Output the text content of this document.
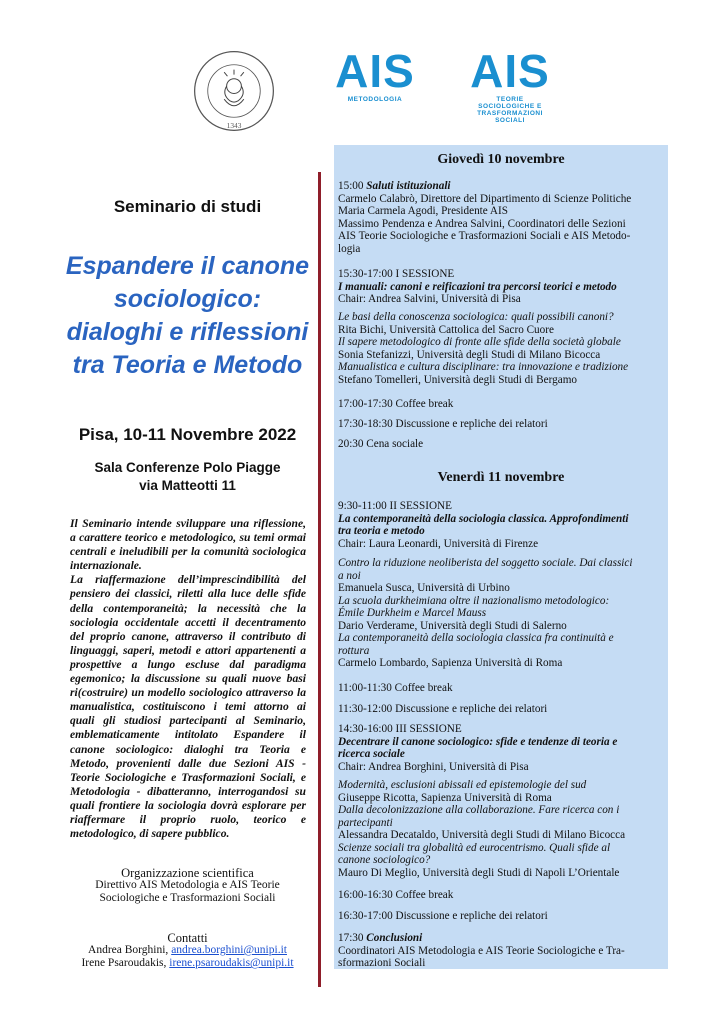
1343
AIS
METODOLOGIA
AIS
TEORIE
SOCIOLOGICHE E
TRASFORMAZIONI
SOCIALI
Seminario di studi
Espandere il canone
sociologico:
dialoghi e riflessioni
tra Teoria e Metodo
Pisa, 10-11 Novembre 2022
Sala Conferenze Polo Piagge
via Matteotti 11

Il Seminario intende sviluppare una riflessione, a carattere teorico e metodologico, su temi ormai centrali e ineludibili per la comunità sociologica internazionale.

La riaffermazione dell’imprescindibilità del pensiero dei classici, riletti alla luce delle sfide della contemporaneità; la necessità che la sociologia occidentale accetti il decentramento del proprio canone, attraverso il contributo di linguaggi, saperi, metodi e attori appartenenti a prospettive a lungo escluse dal paradigma egemonico; la discussione su quali nuove basi ri(costruire) un modello sociologico attraverso la manualistica, costituiscono i temi attorno ai quali gli studiosi partecipanti al Seminario, emblematicamente intitolato Espandere il canone sociologico: dialoghi tra Teoria e Metodo, provenienti dalle due Sezioni AIS - Teorie Sociologiche e Trasformazioni Sociali, e Metodologia - dibatteranno, interrogandosi su quali frontiere la sociologia dovrà esplorare per riaffermare il proprio ruolo, teorico e metodologico, di sapere pubblico.

Organizzazione scientifica
Direttivo AIS Metodologia e AIS Teorie
Sociologiche e Trasformazioni Sociali
Contatti
Andrea Borghini, andrea.borghini@unipi.it
Irene Psaroudakis, irene.psaroudakis@unipi.it
Giovedì 10 novembre
15:00 Saluti istituzionali
Carmelo Calabrò, Direttore del Dipartimento di Scienze Politiche
Maria Carmela Agodi, Presidente AIS
Massimo Pendenza e Andrea Salvini, Coordinatori delle Sezioni
AIS Teorie Sociologiche e Trasformazioni Sociali e AIS Metodo-
logia
15:30-17:00 I SESSIONE
I manuali: canoni e reificazioni tra percorsi teorici e metodo
Chair: Andrea Salvini, Università di Pisa
Le basi della conoscenza sociologica: quali possibili canoni?
Rita Bichi, Università Cattolica del Sacro Cuore
Il sapere metodologico di fronte alle sfide della società globale
Sonia Stefanizzi, Università degli Studi di Milano Bicocca
Manualistica e cultura disciplinare: tra innovazione e tradizione
Stefano Tomelleri, Università degli Studi di Bergamo
17:00-17:30 Coffee break
17:30-18:30 Discussione e repliche dei relatori
20:30 Cena sociale
Venerdì 11 novembre
9:30-11:00 II SESSIONE
La contemporaneità della sociologia classica. Approfondimenti
tra teoria e metodo
Chair: Laura Leonardi, Università di Firenze
Contro la riduzione neoliberista del soggetto sociale. Dai classici
a noi
Emanuela Susca, Università di Urbino
La scuola durkheimiana oltre il nazionalismo metodologico:
Émile Durkheim e Marcel Mauss
Dario Verderame, Università degli Studi di Salerno
La contemporaneità della sociologia classica fra continuità e
rottura
Carmelo Lombardo, Sapienza Università di Roma
11:00-11:30 Coffee break
11:30-12:00 Discussione e repliche dei relatori
14:30-16:00 III SESSIONE
Decentrare il canone sociologico: sfide e tendenze di teoria e
ricerca sociale
Chair: Andrea Borghini, Università di Pisa
Modernità, esclusioni abissali ed epistemologie del sud
Giuseppe Ricotta, Sapienza Università di Roma
Dalla decolonizzazione alla collaborazione. Fare ricerca con i
partecipanti
Alessandra Decataldo, Università degli Studi di Milano Bicocca
Scienze sociali tra globalità ed eurocentrismo. Quali sfide al
canone sociologico?
Mauro Di Meglio, Università degli Studi di Napoli L’Orientale
16:00-16:30 Coffee break
16:30-17:00 Discussione e repliche dei relatori
17:30 Conclusioni
Coordinatori AIS Metodologia e AIS Teorie Sociologiche e Tra-
sformazioni Sociali
